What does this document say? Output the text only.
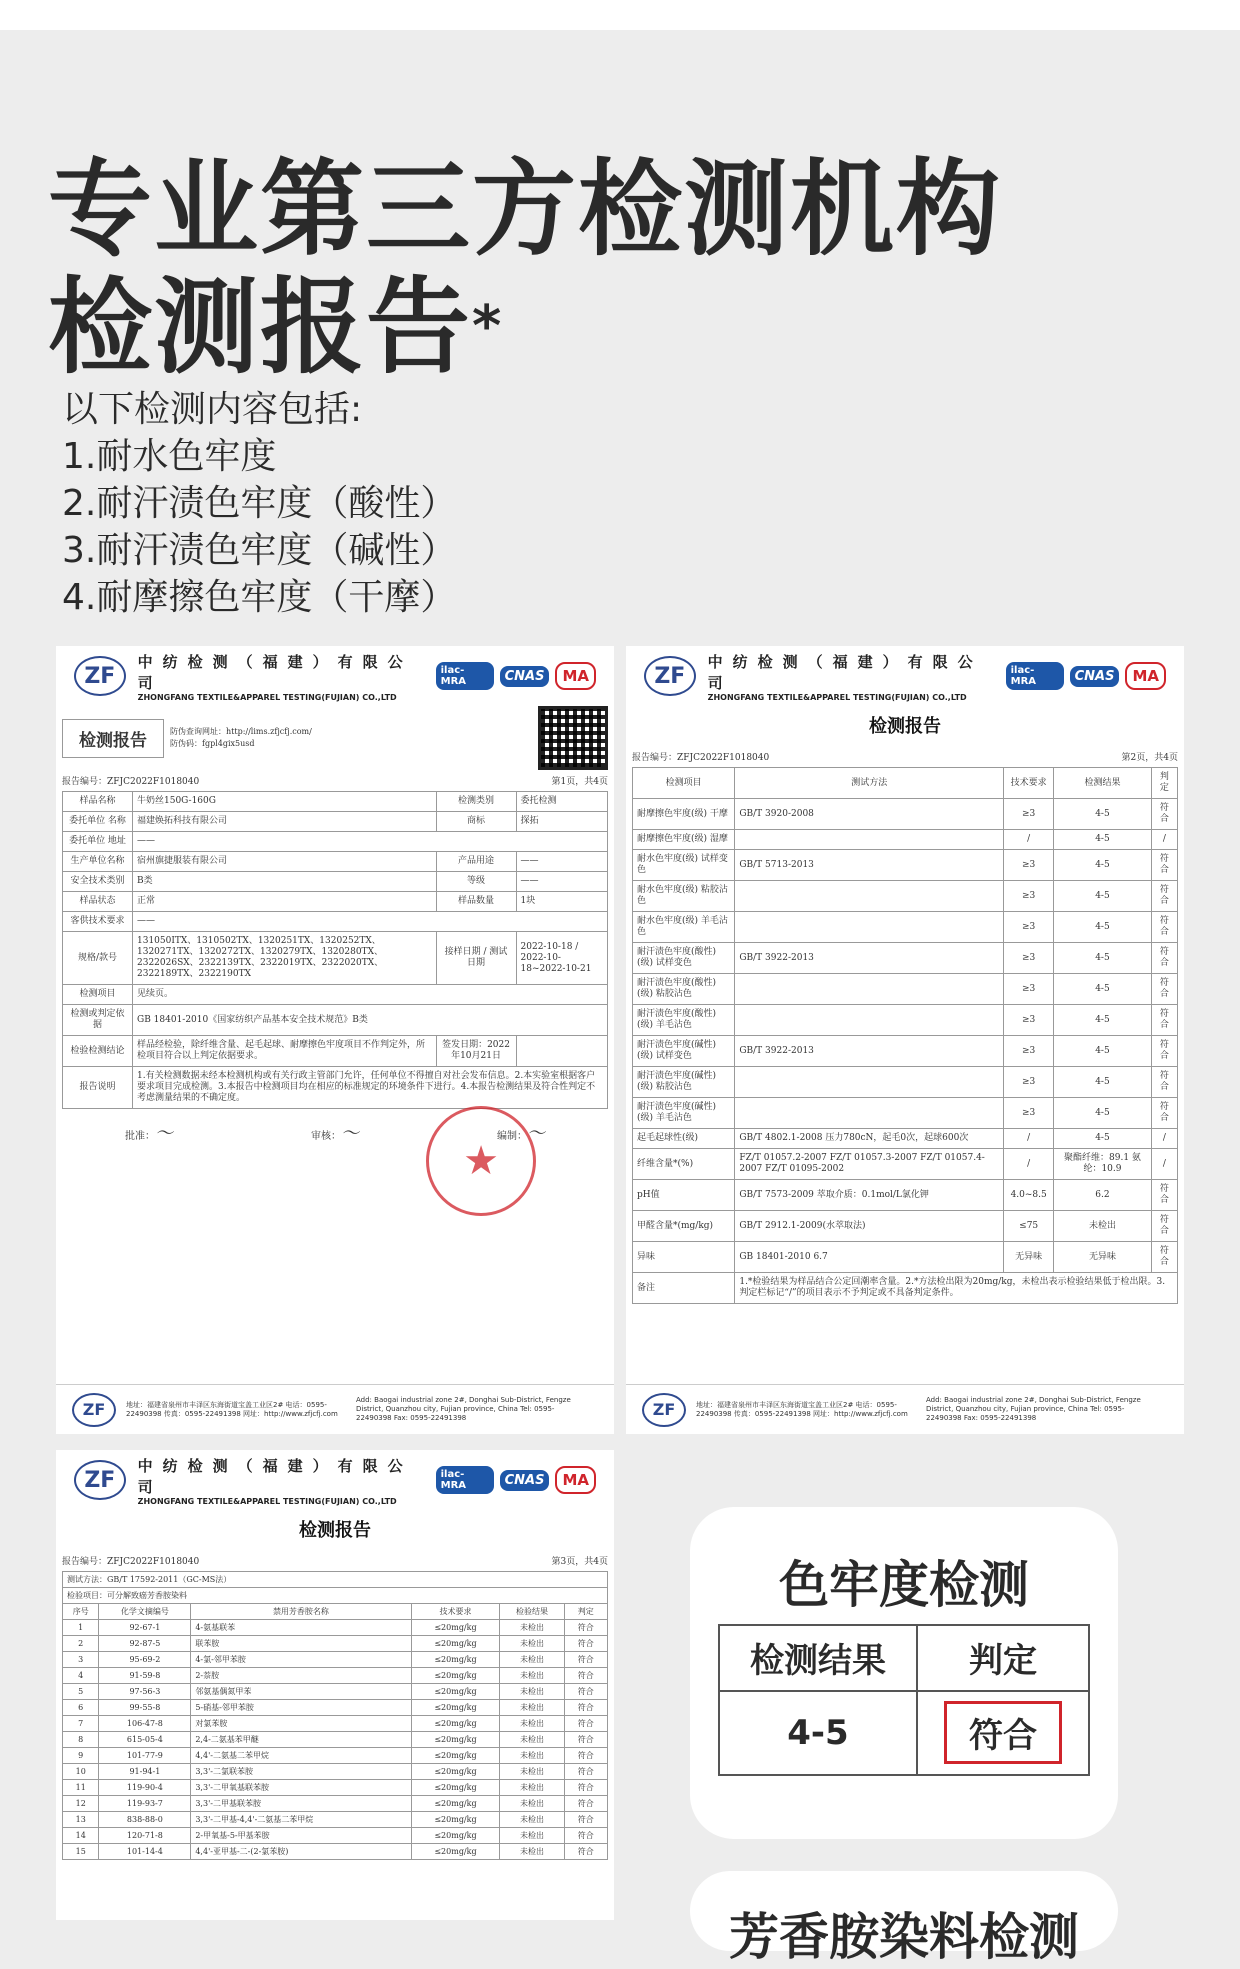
专业第三方检测机构
检测报告*
以下检测内容包括:
1.耐水色牢度
2.耐汗渍色牢度（酸性）
3.耐汗渍色牢度（碱性）
4.耐摩擦色牢度（干摩）
ZF
中纺检测（福建）有限公司
ZHONGFANG TEXTILE&APPAREL TESTING(FUJIAN) CO.,LTD
ilac-MRA	CNAS	MA
检测报告	防伪查询网址：http://lims.zfjcfj.com/
防伪码：fgpl4gix5usd
报告编号：ZFJC2022F1018040	第1页，共4页
样品名称	牛奶丝150G-160G	检测类别	委托检测
委托单位 名称	福建焕拓科技有限公司	商标	探拓
委托单位 地址	——		
生产单位名称	宿州旗捷服装有限公司	产品用途	——
安全技术类别	B类	等级	——
样品状态	正常	样品数量	1块
客供技术要求	——		
规格/款号	131050ITX、1310502TX、1320251TX、1320252TX、1320271TX、1320272TX、1320279TX、1320280TX、2322026SX、2322139TX、2322019TX、2322020TX、2322189TX、2322190TX	接样日期 / 测试日期	2022-10-18 / 2022-10-18~2022-10-21
检测项目	见续页。		
检测或判定依据	GB 18401-2010《国家纺织产品基本安全技术规范》B类		
检验检测结论	样品经检验，除纤维含量、起毛起球、耐摩擦色牢度项目不作判定外，所检项目符合以上判定依据要求。	签发日期：2022年10月21日	
报告说明	1.有关检测数据未经本检测机构或有关行政主管部门允许，任何单位不得擅自对社会发布信息。2.本实验室根据客户要求项目完成检测。3.本报告中检测项目均在相应的标准规定的环境条件下进行。4.本报告检测结果及符合性判定不考虑测量结果的不确定度。		
批准：～	审核：～	编制：～
★
ZF	地址：福建省泉州市丰泽区东海街道宝盖工业区2# 电话：0595-22490398 传真：0595-22491398 网址：http://www.zfjcfj.com
Add: Baogai industrial zone 2#, Donghai Sub-District, Fengze District, Quanzhou city, Fujian province, China Tel: 0595-22490398 Fax: 0595-22491398
ZF
中纺检测（福建）有限公司
ZHONGFANG TEXTILE&APPAREL TESTING(FUJIAN) CO.,LTD
ilac-MRA	CNAS	MA
检测报告
报告编号：ZFJC2022F1018040	第2页，共4页
检测项目	测试方法	技术要求	检测结果	判定
耐摩擦色牢度(级) 干摩	GB/T 3920-2008	≥3	4-5	符合
耐摩擦色牢度(级) 湿摩		/	4-5	/
耐水色牢度(级) 试样变色	GB/T 5713-2013	≥3	4-5	符合
耐水色牢度(级) 粘胶沾色		≥3	4-5	符合
耐水色牢度(级) 羊毛沾色		≥3	4-5	符合
耐汗渍色牢度(酸性)(级) 试样变色	GB/T 3922-2013	≥3	4-5	符合
耐汗渍色牢度(酸性)(级) 粘胶沾色		≥3	4-5	符合
耐汗渍色牢度(酸性)(级) 羊毛沾色		≥3	4-5	符合
耐汗渍色牢度(碱性)(级) 试样变色	GB/T 3922-2013	≥3	4-5	符合
耐汗渍色牢度(碱性)(级) 粘胶沾色		≥3	4-5	符合
耐汗渍色牢度(碱性)(级) 羊毛沾色		≥3	4-5	符合
起毛起球性(级)	GB/T 4802.1-2008 压力780cN，起毛0次，起球600次	/	4-5	/
纤维含量*(%)	FZ/T 01057.2-2007 FZ/T 01057.3-2007 FZ/T 01057.4-2007 FZ/T 01095-2002	/	聚酯纤维：89.1 氨纶：10.9	/
pH值	GB/T 7573-2009 萃取介质：0.1mol/L氯化钾	4.0~8.5	6.2	符合
甲醛含量*(mg/kg)	GB/T 2912.1-2009(水萃取法)	≤75	未检出	符合
异味	GB 18401-2010 6.7	无异味	无异味	符合
备注	1.*检验结果为样品结合公定回潮率含量。2.*方法检出限为20mg/kg，未检出表示检验结果低于检出限。3.判定栏标记“/”的项目表示不予判定或不具备判定条件。			
ZF	地址：福建省泉州市丰泽区东海街道宝盖工业区2# 电话：0595-22490398 传真：0595-22491398 网址：http://www.zfjcfj.com
Add: Baogai industrial zone 2#, Donghai Sub-District, Fengze District, Quanzhou city, Fujian province, China Tel: 0595-22490398 Fax: 0595-22491398
ZF
中纺检测（福建）有限公司
ZHONGFANG TEXTILE&APPAREL TESTING(FUJIAN) CO.,LTD
ilac-MRA	CNAS	MA
检测报告
报告编号：ZFJC2022F1018040	第3页，共4页
测试方法：GB/T 17592-2011（GC-MS法）					
检验项目：可分解致癌芳香胺染料					
序号	化学文摘编号	禁用芳香胺名称	技术要求	检验结果	判定
1	92-67-1	4-氨基联苯	≤20mg/kg	未检出	符合
2	92-87-5	联苯胺	≤20mg/kg	未检出	符合
3	95-69-2	4-氯-邻甲苯胺	≤20mg/kg	未检出	符合
4	91-59-8	2-萘胺	≤20mg/kg	未检出	符合
5	97-56-3	邻氨基偶氮甲苯	≤20mg/kg	未检出	符合
6	99-55-8	5-硝基-邻甲苯胺	≤20mg/kg	未检出	符合
7	106-47-8	对氯苯胺	≤20mg/kg	未检出	符合
8	615-05-4	2,4-二氨基苯甲醚	≤20mg/kg	未检出	符合
9	101-77-9	4,4'-二氨基二苯甲烷	≤20mg/kg	未检出	符合
10	91-94-1	3,3'-二氯联苯胺	≤20mg/kg	未检出	符合
11	119-90-4	3,3'-二甲氧基联苯胺	≤20mg/kg	未检出	符合
12	119-93-7	3,3'-二甲基联苯胺	≤20mg/kg	未检出	符合
13	838-88-0	3,3'-二甲基-4,4'-二氨基二苯甲烷	≤20mg/kg	未检出	符合
14	120-71-8	2-甲氧基-5-甲基苯胺	≤20mg/kg	未检出	符合
15	101-14-4	4,4'-亚甲基-二-(2-氯苯胺)	≤20mg/kg	未检出	符合
色牢度检测
检测结果	判定
4-5	符合
芳香胺染料检测
